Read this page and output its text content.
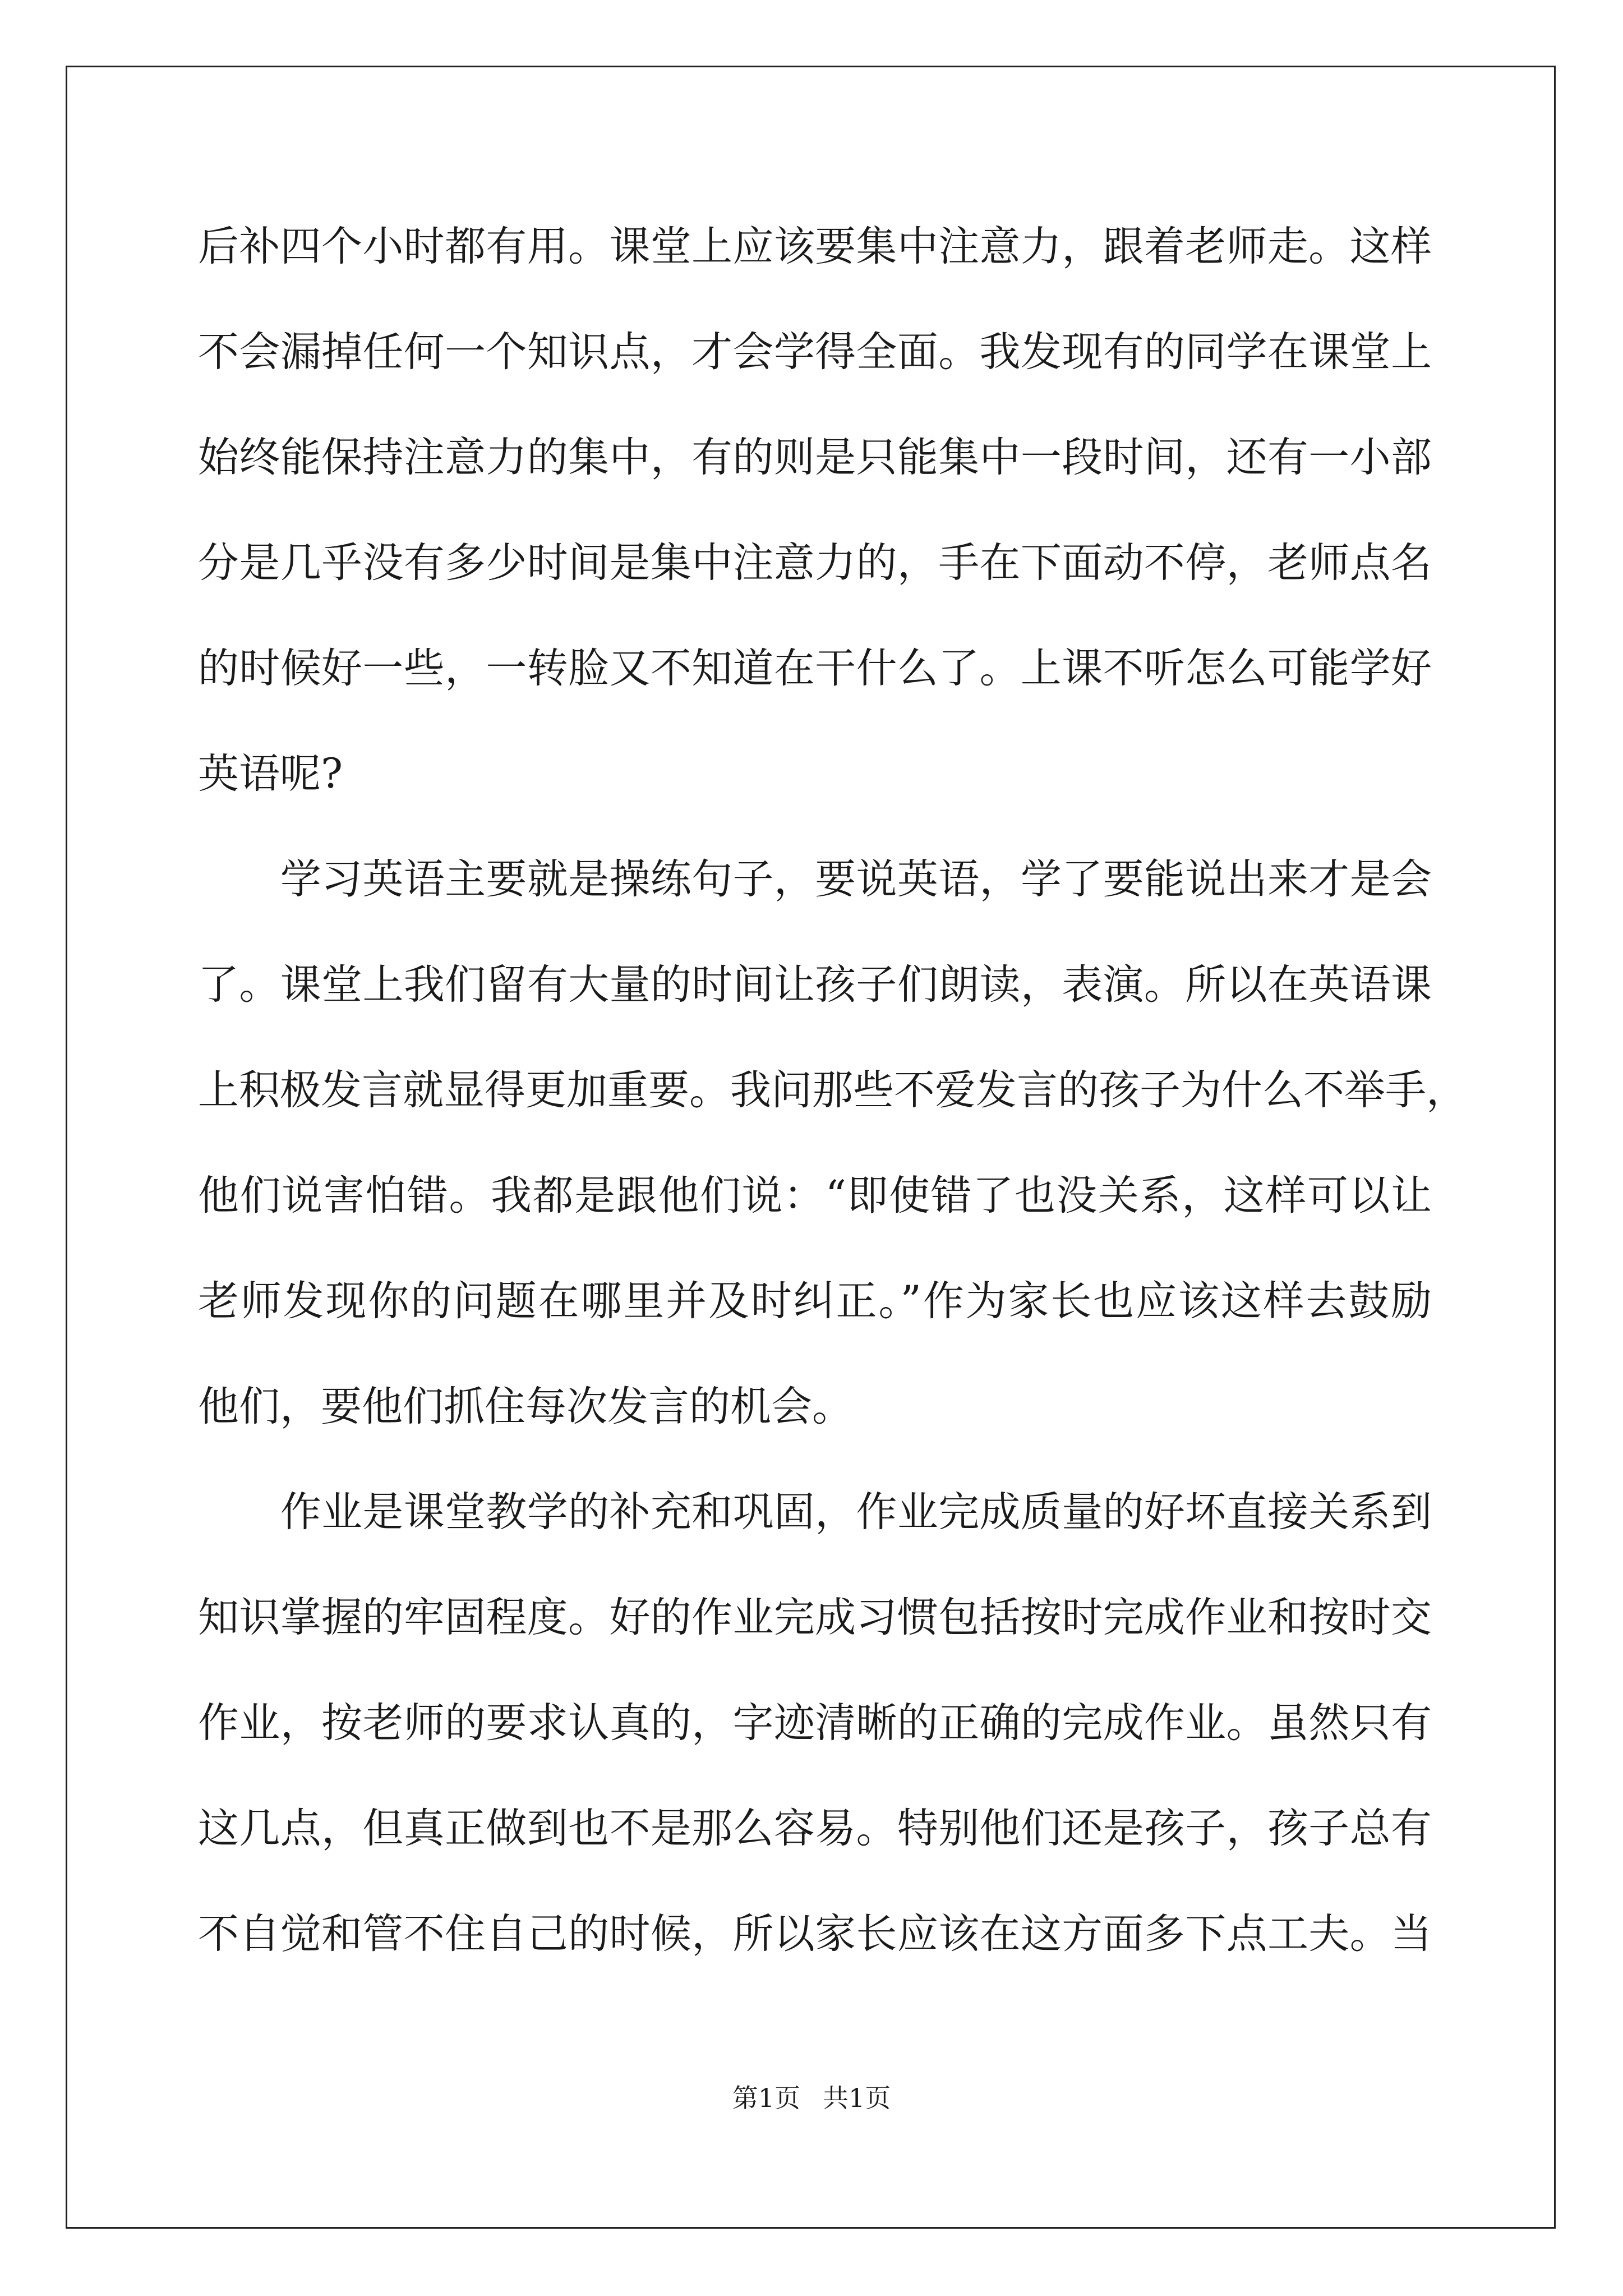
后补四个小时都有用。课堂上应该要集中注意力，跟着老师走。这样
不会漏掉任何一个知识点，才会学得全面。我发现有的同学在课堂上
始终能保持注意力的集中，有的则是只能集中一段时间，还有一小部
分是几乎没有多少时间是集中注意力的，手在下面动不停，老师点名
的时候好一些，一转脸又不知道在干什么了。上课不听怎么可能学好
英语呢?
　　学习英语主要就是操练句子，要说英语，学了要能说出来才是会
了。课堂上我们留有大量的时间让孩子们朗读，表演。所以在英语课
上积极发言就显得更加重要。我问那些不爱发言的孩子为什么不举手，
他们说害怕错。我都是跟他们说：“即使错了也没关系，这样可以让
老师发现你的问题在哪里并及时纠正。”作为家长也应该这样去鼓励
他们，要他们抓住每次发言的机会。
　　作业是课堂教学的补充和巩固，作业完成质量的好坏直接关系到
知识掌握的牢固程度。好的作业完成习惯包括按时完成作业和按时交
作业，按老师的要求认真的，字迹清晰的正确的完成作业。虽然只有
这几点，但真正做到也不是那么容易。特别他们还是孩子，孩子总有
不自觉和管不住自己的时候，所以家长应该在这方面多下点工夫。当
第1页 共1页
